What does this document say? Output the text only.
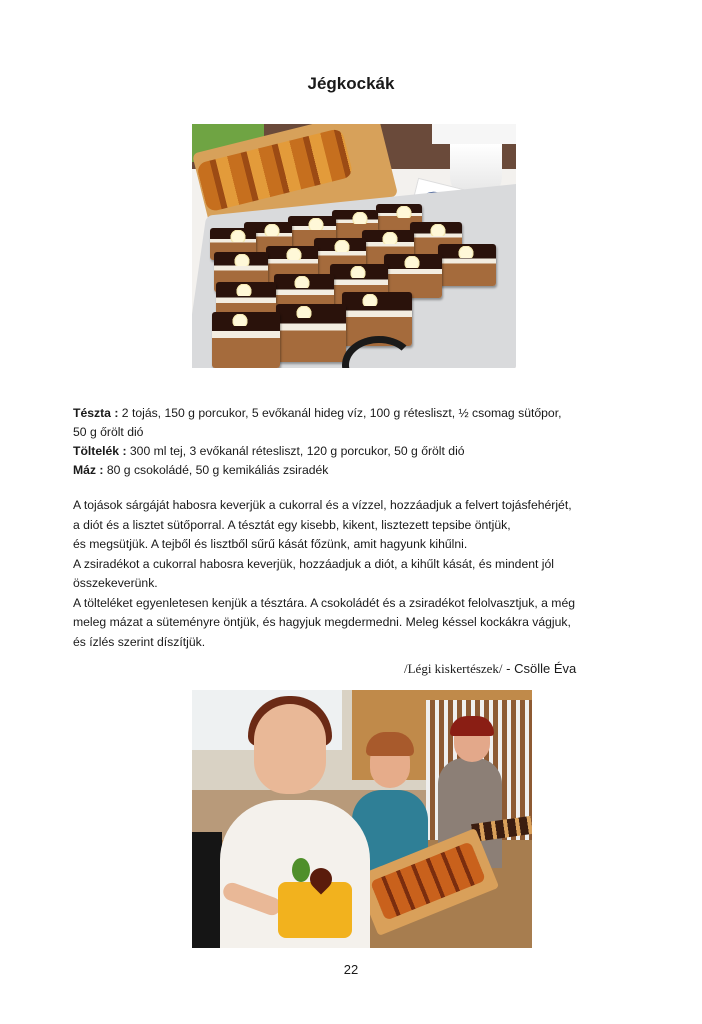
Jégkockák
Tészta : 2 tojás, 150 g porcukor, 5 evőkanál hideg víz, 100 g rétesliszt, ½ csomag sütőpor,
50 g őrölt dió
Töltelék : 300 ml tej, 3 evőkanál rétesliszt, 120 g porcukor, 50 g őrölt dió
Máz : 80 g csokoládé, 50 g kemikáliás zsiradék
A tojások sárgáját habosra keverjük a cukorral és a vízzel, hozzáadjuk a felvert tojásfehérjét,
a diót és a lisztet sütőporral. A tésztát egy kisebb, kikent, lisztezett tepsibe öntjük,
és megsütjük. A tejből és lisztből sűrű kását főzünk, amit hagyunk kihűlni.
A zsiradékot a cukorral habosra keverjük, hozzáadjuk a diót, a kihűlt kását, és mindent jól
összekeverünk.
A tölteléket egyenletesen kenjük a tésztára. A csokoládét és a zsiradékot felolvasztjuk, a még
meleg mázat a süteményre öntjük, és hagyjuk megdermedni. Meleg késsel kockákra vágjuk,
és ízlés szerint díszítjük.
/Légi kiskertészek/ - Csölle Éva
22
